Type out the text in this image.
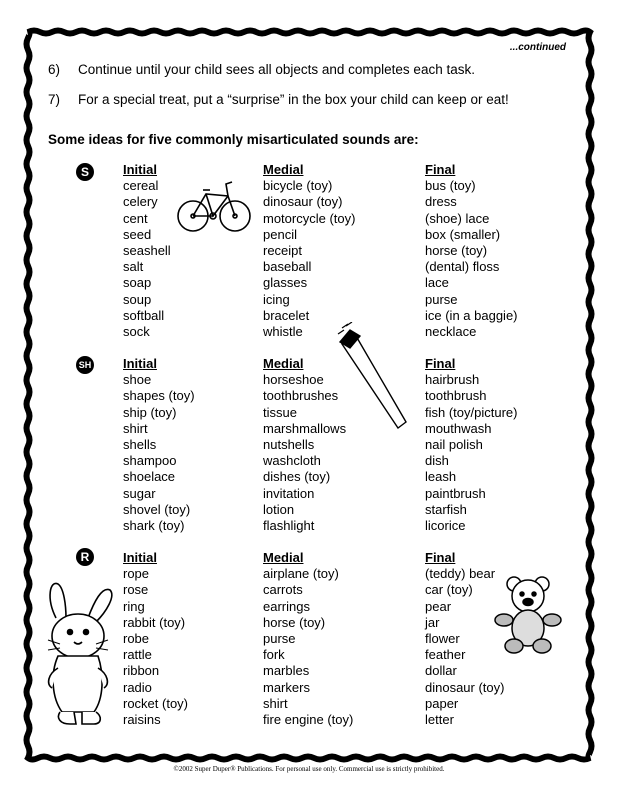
...continued
6) Continue until your child sees all objects and completes each task.
7) For a special treat, put a “surprise” in the box your child can keep or eat!
Some ideas for five commonly misarticulated sounds are:
S	Initial
cereal
celery
cent
seed
seashell
salt
soap
soup
softball
sock
Medial
bicycle (toy)
dinosaur (toy)
motorcycle (toy)
pencil
receipt
baseball
glasses
icing
bracelet
whistle
Final
bus (toy)
dress
(shoe) lace
box (smaller)
horse (toy)
(dental) floss
lace
purse
ice (in a baggie)
necklace
SH Initial
shoe
shapes (toy)
ship (toy)
shirt
shells
shampoo
shoelace
sugar
shovel (toy)
shark (toy)
Medial
horseshoe
toothbrushes
tissue
marshmallows
nutshells
washcloth
dishes (toy)
invitation
lotion
flashlight
Final
hairbrush
toothbrush
fish (toy/picture)
mouthwash
nail polish
dish
leash
paintbrush
starfish
licorice
R	Initial
rope
rose
ring
rabbit (toy)
robe
rattle
ribbon
radio
rocket (toy)
raisins
Medial
airplane (toy)
carrots
earrings
horse (toy)
purse
fork
marbles
markers
shirt
fire engine (toy)
Final
(teddy) bear
car (toy)
pear
jar
flower
feather
dollar
dinosaur (toy)
paper
letter
©2002 Super Duper® Publications. For personal use only. Commercial use is strictly prohibited.
